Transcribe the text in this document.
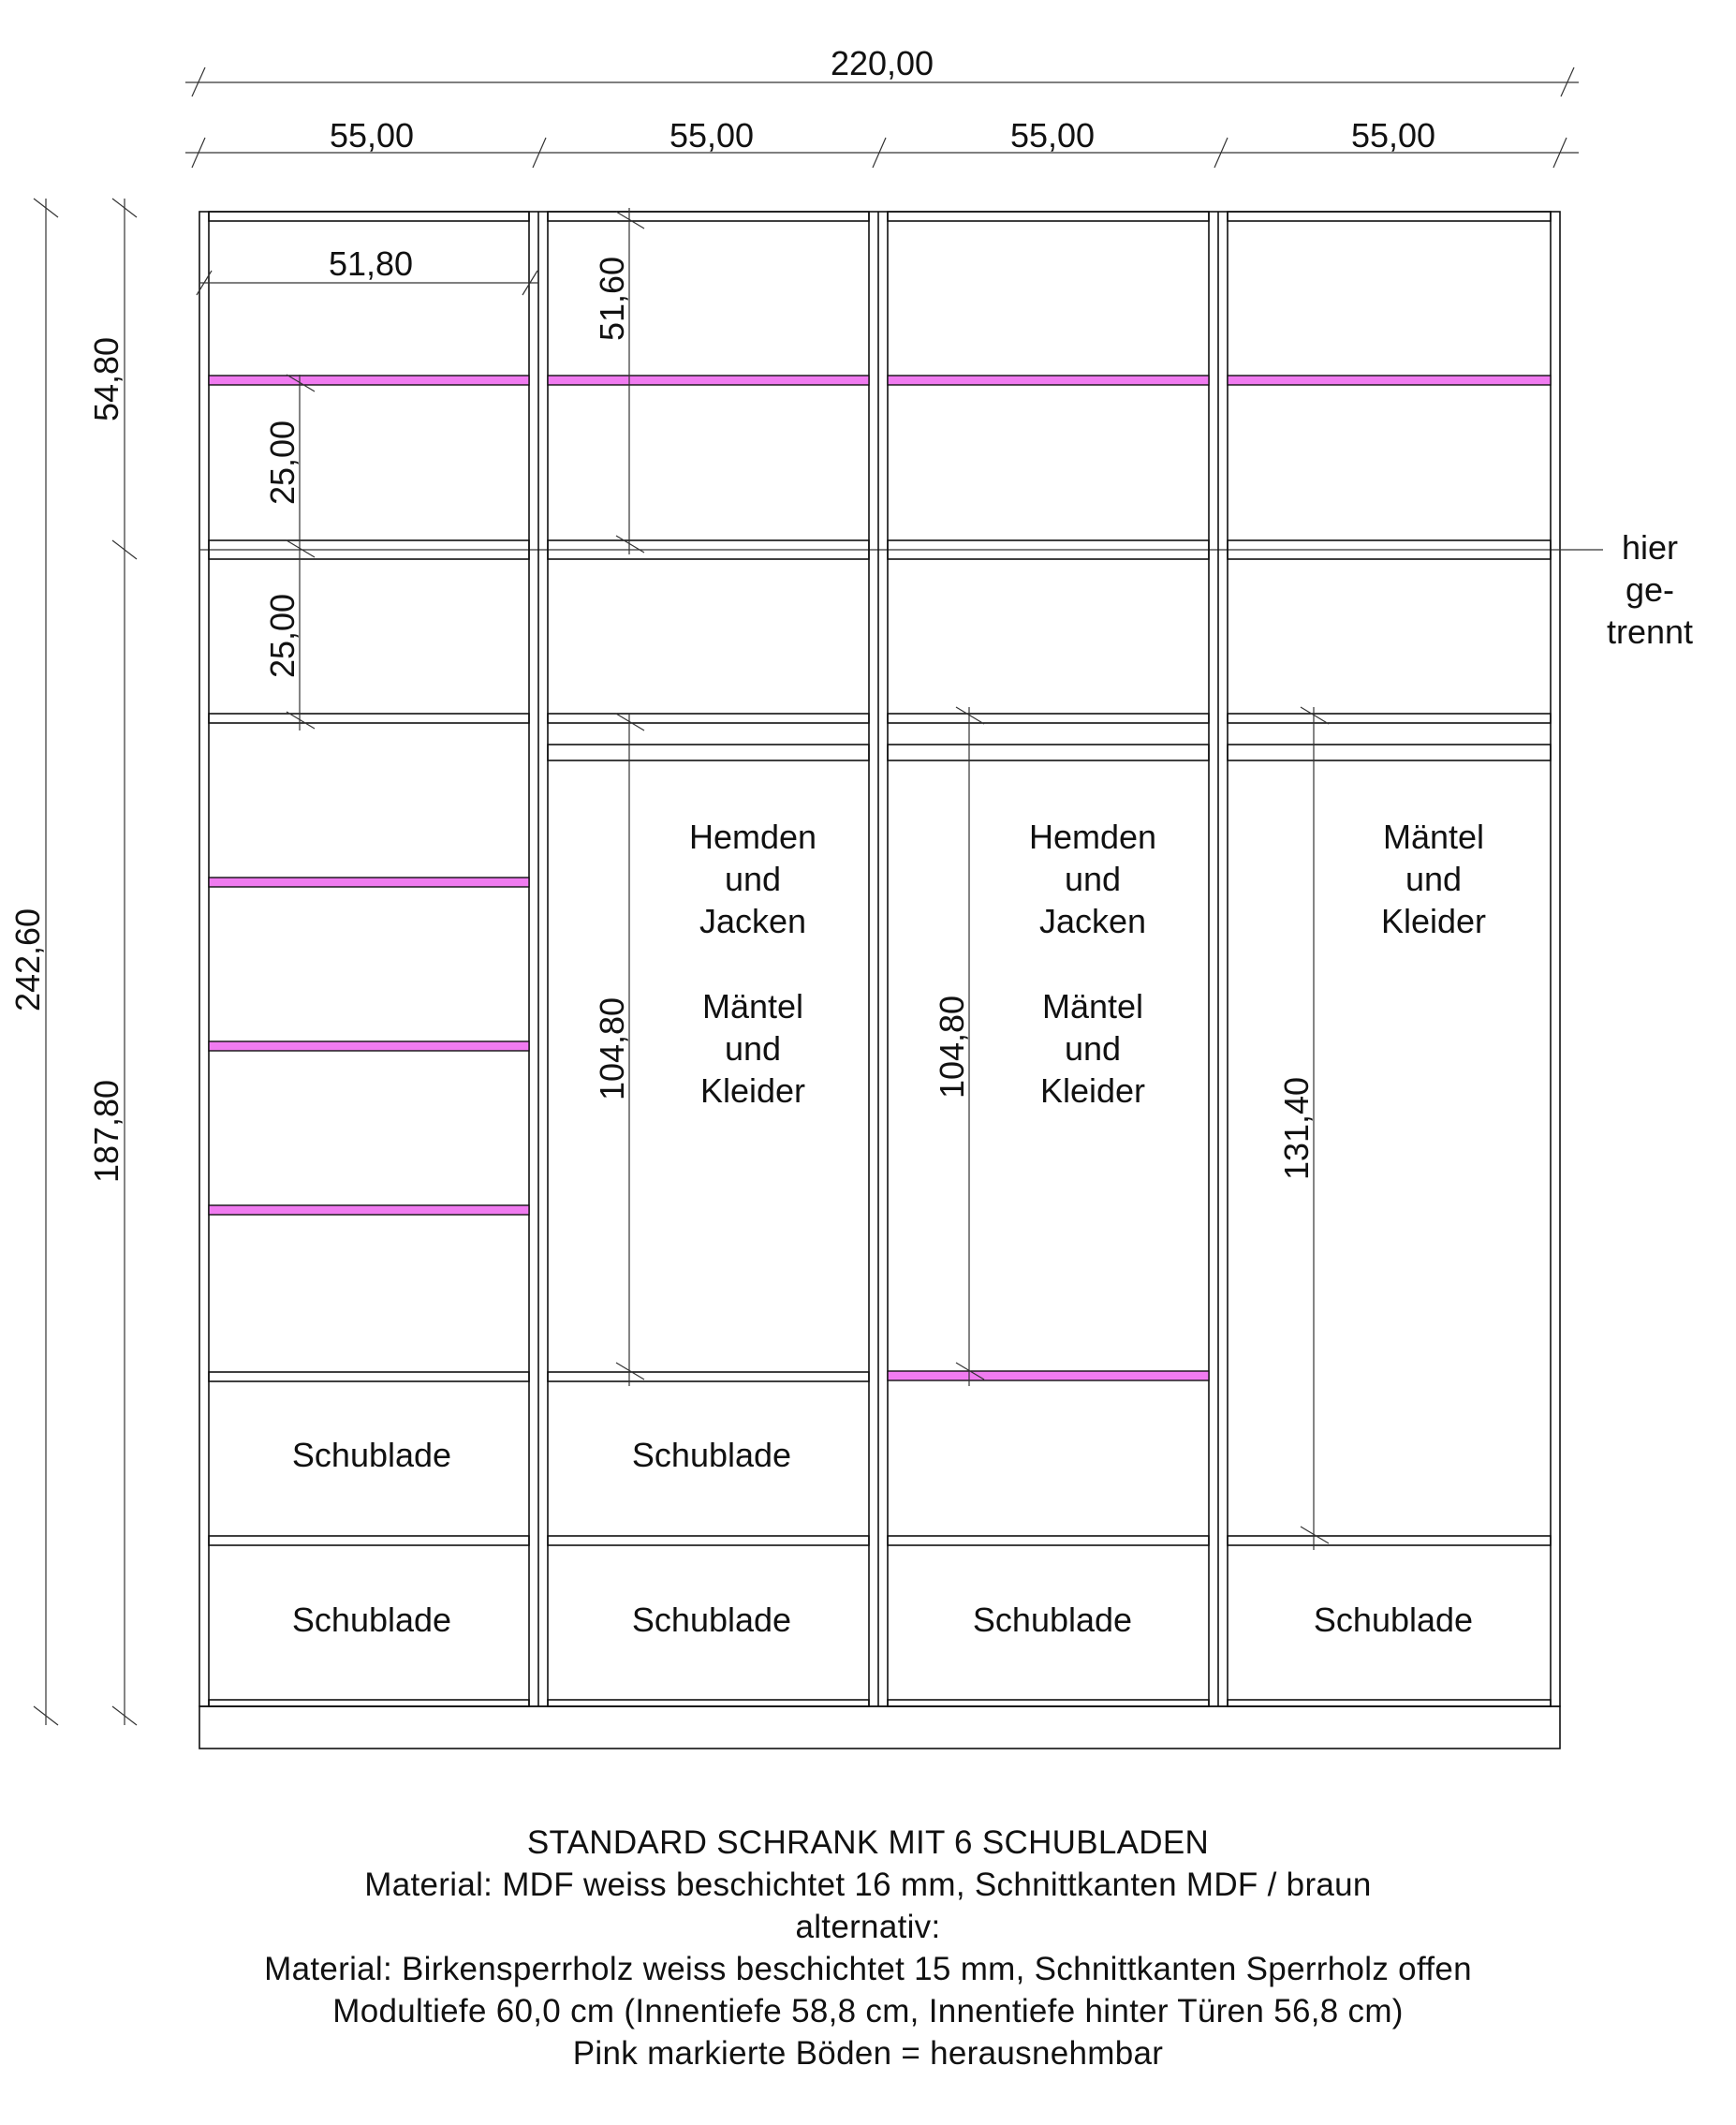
220,00
55,00	55,00	55,00	55,00
242,60
54,80
187,80
51,80	51,60
25,00
25,00
104,80	104,80
131,40
hier
ge-
trennt
Hemden
und
Jacken
Mäntel
und
Kleider
Hemden
und
Jacken
Mäntel
und
Kleider
Mäntel
und
Kleider
Schublade	Schublade
Schublade	Schublade	Schublade	Schublade
STANDARD SCHRANK MIT 6 SCHUBLADEN
Material: MDF weiss beschichtet 16 mm, Schnittkanten MDF / braun
alternativ:
Material: Birkensperrholz weiss beschichtet 15 mm, Schnittkanten Sperrholz offen
Modultiefe 60,0 cm (Innentiefe 58,8 cm, Innentiefe hinter Türen 56,8 cm)
Pink markierte Böden = herausnehmbar
